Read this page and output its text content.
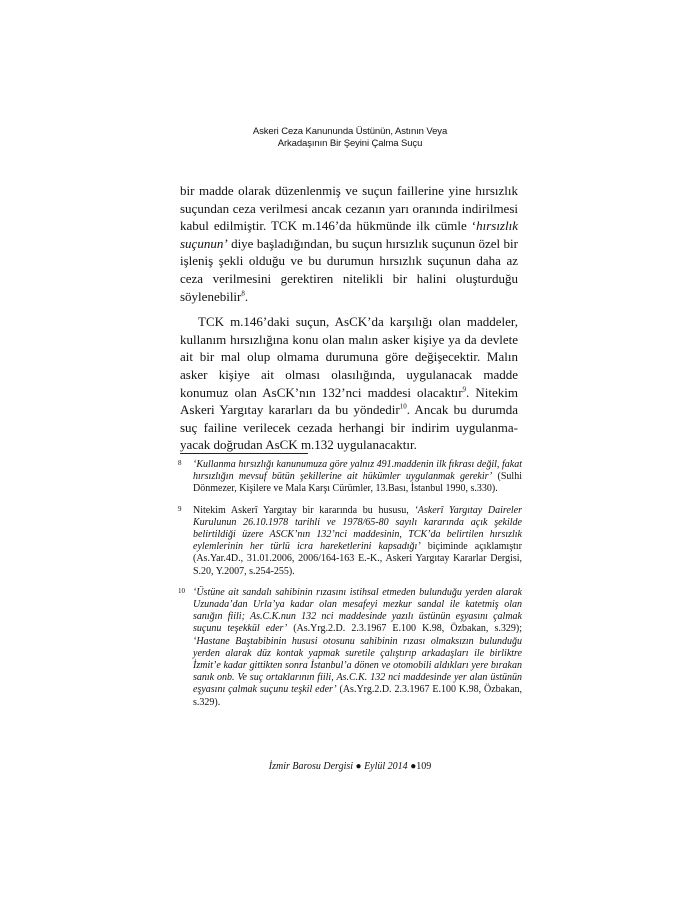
Askeri Ceza Kanununda Üstünün, Astının Veya
Arkadaşının Bir Şeyini Çalma Suçu

bir madde olarak düzenlenmiş ve suçun faillerine yine hırsızlık suçundan ceza verilmesi ancak cezanın yarı oranında indirilmesi kabul edilmiştir. TCK m.146’da hükmünde ilk cümle ‘hırsızlık suçunun’ diye başladığından, bu suçun hırsızlık suçunun özel bir işleniş şekli olduğu ve bu durumun hırsızlık suçunun daha az ceza verilmesini gerektiren nitelikli bir halini oluşturduğu söylenebilir$^8$.

TCK m.146’daki suçun, AsCK’da karşılığı olan maddeler, kullanım hırsızlığına konu olan malın asker kişiye ya da devlete ait bir mal olup olmama durumuna göre değişecektir. Malın asker kişiye ait olması olasılığında, uygulanacak madde konumuz olan AsCK’nın 132’nci maddesi olacaktır$^9$. Nitekim Askeri Yargıtay kararları da bu yöndedir$^{10}$. Ancak bu durumda suç failine verilecek cezada herhangi bir indirim uygulanma-yacak doğrudan AsCK m.132 uygulanacaktır.

8 ‘Kullanma hırsızlığı kanunumuza göre yalnız 491.maddenin ilk fıkrası değil, fakat hırsızlığın mevsuf bütün şekillerine ait hükümler uygulanmak gerekir’ (Sulhi Dönmezer, Kişilere ve Mala Karşı Cürümler, 13.Bası, İstanbul 1990, s.330).
9 Nitekim Askerî Yargıtay bir kararında bu hususu, ‘Askerî Yargıtay Daireler Kurulunun 26.10.1978 tarihli ve 1978/65-80 sayılı kararında açık şekilde belirtildiği üzere ASCK’nın 132’nci maddesinin, TCK’da belirtilen hırsızlık eylemlerinin her türlü icra hareketlerini kapsadığı’ biçiminde açıklamıştır (As.Yar.4D., 31.01.2006, 2006/164-163 E.-K., Askeri Yargıtay Kararlar Dergisi, S.20, Y.2007, s.254-255).
10 ‘Üstüne ait sandalı sahibinin rızasını istihsal etmeden bulunduğu yerden alarak Uzunada’dan Urla’ya kadar olan mesafeyi mezkur sandal ile katetmiş olan sanığın fiili; As.C.K.nun 132 nci maddesinde yazılı üstünün eşyasını çalmak suçunu teşekkül eder’ (As.Yrg.2.D. 2.3.1967 E.100 K.98, Özbakan, s.329); ‘Hastane Baştabibinin hususi otosunu sahibinin rızası olmaksızın bulunduğu yerden alarak düz kontak yapmak suretile çalıştırıp arkadaşları ile birliktre İzmit’e kadar gittikten sonra İstanbul’a dönen ve otomobili aldıkları yere bırakan sanık onb. Ve suç ortaklarının fiili, As.C.K. 132 nci maddesinde yer alan üstünün eşyasını çalmak suçunu teşkil eder’ (As.Yrg.2.D. 2.3.1967 E.100 K.98, Özbakan, s.329).
İzmir Barosu Dergisi ● Eylül 2014 ●109
